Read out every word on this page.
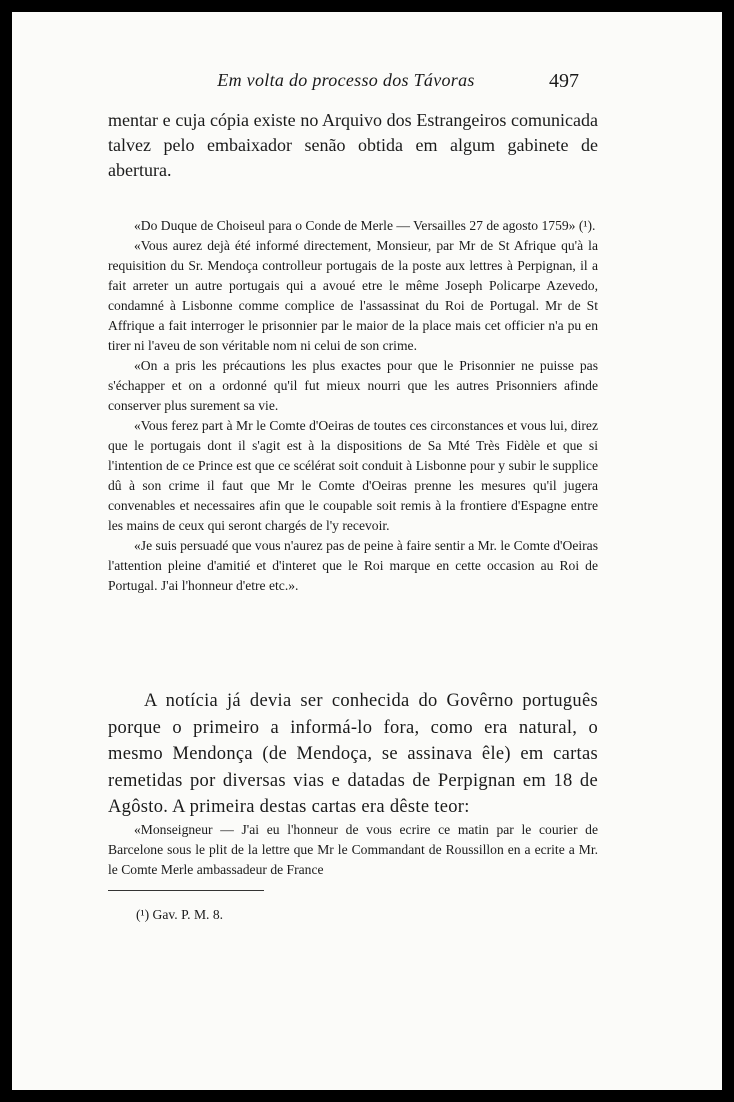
Em volta do processo dos Távoras	497

mentar e cuja cópia existe no Arquivo dos Estrangeiros comunicada talvez pelo embaixador senão obtida em algum gabinete de abertura.

«Do Duque de Choiseul para o Conde de Merle — Versailles 27 de agosto 1759» (¹).

«Vous aurez dejà été informé directement, Monsieur, par Mr de St Afrique qu'à la requisition du Sr. Mendoça controlleur portugais de la poste aux lettres à Perpignan, il a fait arreter un autre portugais qui a avoué etre le même Joseph Policarpe Azevedo, condamné à Lisbonne comme complice de l'assassinat du Roi de Portugal. Mr de St Affrique a fait interroger le prisonnier par le maior de la place mais cet officier n'a pu en tirer ni l'aveu de son véritable nom ni celui de son crime.

«On a pris les précautions les plus exactes pour que le Prisonnier ne puisse pas s'échapper et on a ordonné qu'il fut mieux nourri que les autres Prisonniers afinde conserver plus surement sa vie.

«Vous ferez part à Mr le Comte d'Oeiras de toutes ces circonstances et vous lui, direz que le portugais dont il s'agit est à la dispositions de Sa Mté Très Fidèle et que si l'intention de ce Prince est que ce scélérat soit conduit à Lisbonne pour y subir le supplice dû à son crime il faut que Mr le Comte d'Oeiras prenne les mesures qu'il jugera convenables et necessaires afin que le coupable soit remis à la frontiere d'Espagne entre les mains de ceux qui seront chargés de l'y recevoir.

«Je suis persuadé que vous n'aurez pas de peine à faire sentir a Mr. le Comte d'Oeiras l'attention pleine d'amitié et d'interet que le Roi marque en cette occasion au Roi de Portugal. J'ai l'honneur d'etre etc.».

A notícia já devia ser conhecida do Govêrno português porque o primeiro a informá-lo fora, como era natural, o mesmo Mendonça (de Mendoça, se assinava êle) em cartas remetidas por diversas vias e datadas de Perpignan em 18 de Agôsto. A primeira destas cartas era dêste teor:

«Monseigneur — J'ai eu l'honneur de vous ecrire ce matin par le courier de Barcelone sous le plit de la lettre que Mr le Commandant de Roussillon en a ecrite a Mr. le Comte Merle ambassadeur de France

(¹) Gav. P. M. 8.
